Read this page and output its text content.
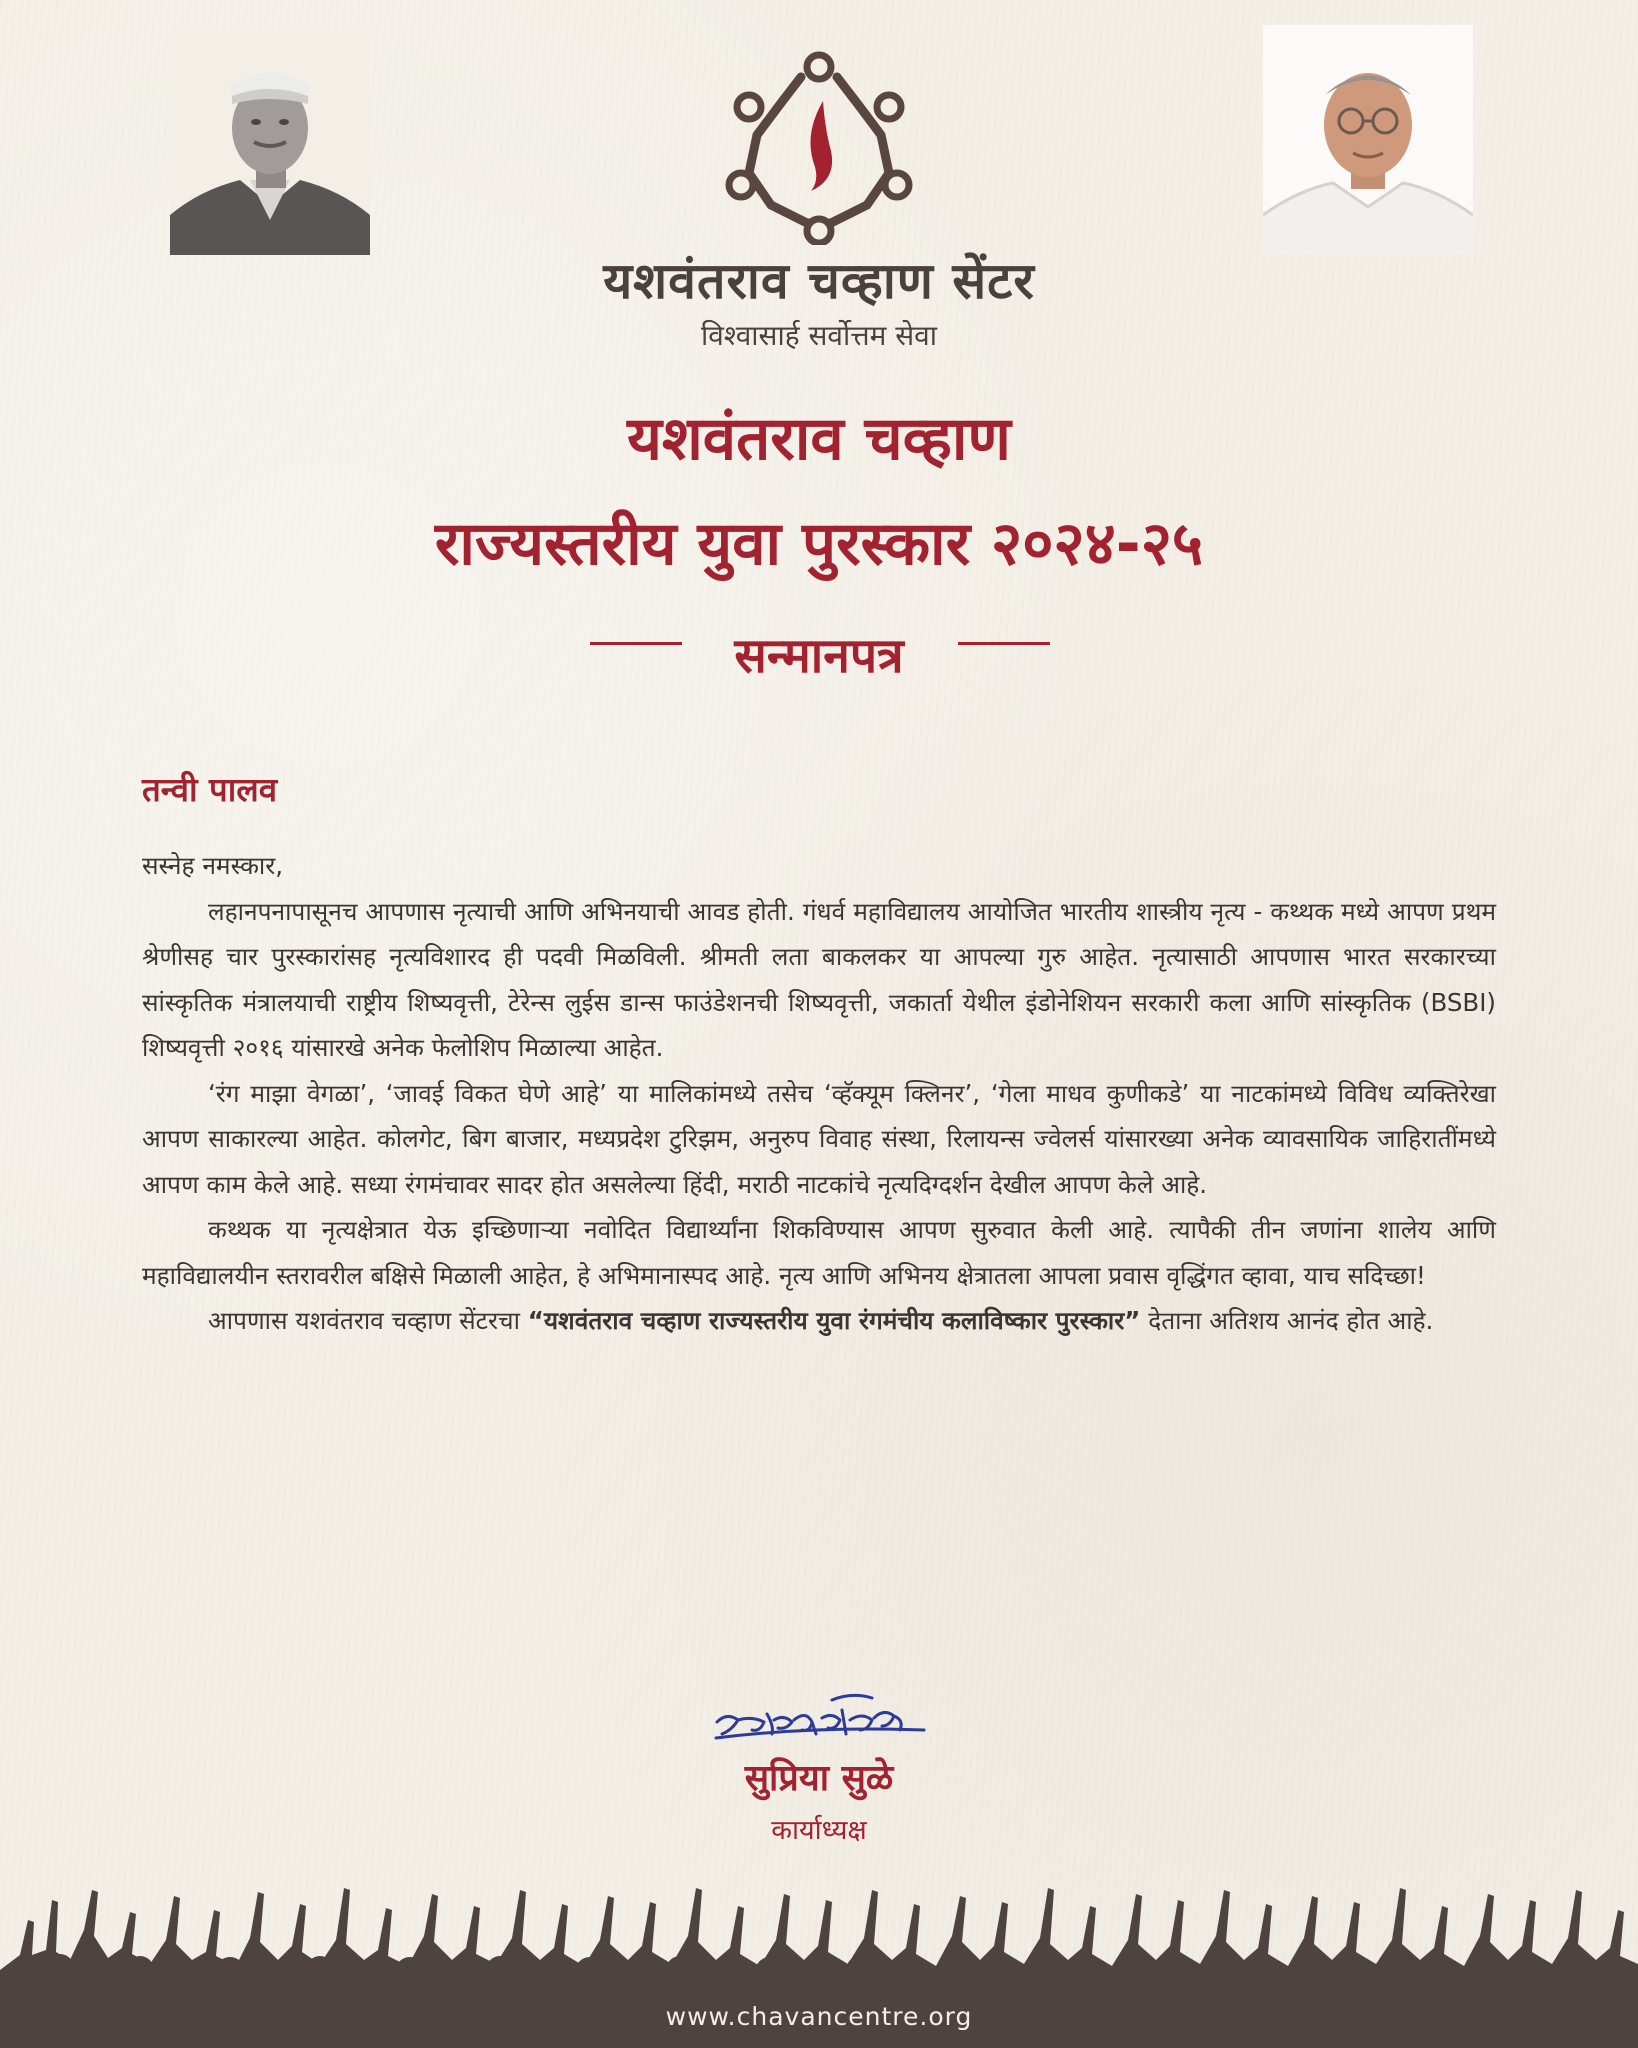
यशवंतराव चव्हाण सेंटर
विश्वासार्ह सर्वोत्तम सेवा
यशवंतराव चव्हाण
राज्यस्तरीय युवा पुरस्कार २०२४-२५
सन्मानपत्र
तन्वी पालव

सस्नेह नमस्कार,

लहानपनापासूनच आपणास नृत्याची आणि अभिनयाची आवड होती. गंधर्व महाविद्यालय आयोजित भारतीय शास्त्रीय नृत्य - कथ्थक मध्ये आपण प्रथम श्रेणीसह चार पुरस्कारांसह नृत्यविशारद ही पदवी मिळविली. श्रीमती लता बाकलकर या आपल्या गुरु आहेत. नृत्यासाठी आपणास भारत सरकारच्या सांस्कृतिक मंत्रालयाची राष्ट्रीय शिष्यवृत्ती, टेरेन्स लुईस डान्स फाउंडेशनची शिष्यवृत्ती, जकार्ता येथील इंडोनेशियन सरकारी कला आणि सांस्कृतिक (BSBI) शिष्यवृत्ती २०१६ यांसारखे अनेक फेलोशिप मिळाल्या आहेत.

‘रंग माझा वेगळा’, ‘जावई विकत घेणे आहे’ या मालिकांमध्ये तसेच ‘व्हॅक्यूम क्लिनर’, ‘गेला माधव कुणीकडे’ या नाटकांमध्ये विविध व्यक्तिरेखा आपण साकारल्या आहेत. कोलगेट, बिग बाजार, मध्यप्रदेश टुरिझम, अनुरुप विवाह संस्था, रिलायन्स ज्वेलर्स यांसारख्या अनेक व्यावसायिक जाहिरातींमध्ये आपण काम केले आहे. सध्या रंगमंचावर सादर होत असलेल्या हिंदी, मराठी नाटकांचे नृत्यदिग्दर्शन देखील आपण केले आहे.

कथ्थक या नृत्यक्षेत्रात येऊ इच्छिणाऱ्या नवोदित विद्यार्थ्यांना शिकविण्यास आपण सुरुवात केली आहे. त्यापैकी तीन जणांना शालेय आणि महाविद्यालयीन स्तरावरील बक्षिसे मिळाली आहेत, हे अभिमानास्पद आहे. नृत्य आणि अभिनय क्षेत्रातला आपला प्रवास वृद्धिंगत व्हावा, याच सदिच्छा!

आपणास यशवंतराव चव्हाण सेंटरचा “यशवंतराव चव्हाण राज्यस्तरीय युवा रंगमंचीय कलाविष्कार पुरस्कार” देताना अतिशय आनंद होत आहे.

सुप्रिया सुळे
कार्याध्यक्ष
www.chavancentre.org
